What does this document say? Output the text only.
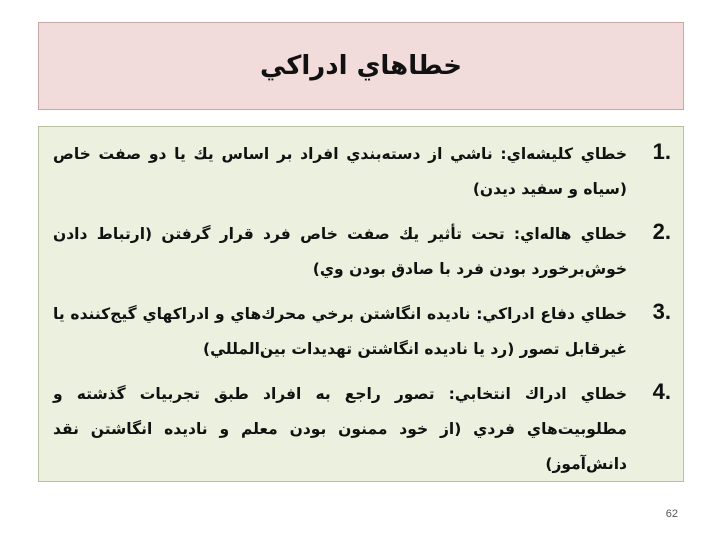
خطاهاي ادراكي
1.
خطاي كليشه‌اي: ناشي از دسته‌بندي افراد بر اساس يك يا دو صفت خاص (سياه و سفيد ديدن)
2.
خطاي هاله‌اي: تحت تأثير يك صفت خاص فرد قرار گرفتن (ارتباط دادن خوش‌برخورد بودن فرد با صادق بودن وي)
3.
خطاي دفاع ادراكي: ناديده انگاشتن برخي محرك‌هاي و ادراكهاي گيج‌كننده يا غيرقابل تصور (رد يا ناديده انگاشتن تهديدات بين‌المللي)
4.
خطاي ادراك انتخابي: تصور راجع به افراد طبق تجربيات گذشته و مطلوبيت‌هاي فردي (از خود ممنون بودن معلم و ناديده انگاشتن نقد دانش‌آموز)
62
